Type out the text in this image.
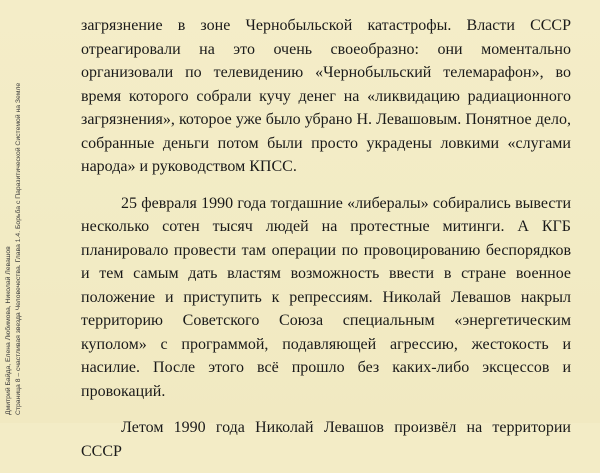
Дмитрий Байда, Елена Любимова, Николай Левашов Страница 8 – счастливая звезда Человечества. Глава 1.4. Борьба с Паразитической Системой на Земле

загрязнение в зоне Чернобыльской катастрофы. Власти СССР отреагировали на это очень своеобразно: они моментально организовали по телевидению «Чернобыльский телемарафон», во время которого собрали кучу денег на «ликвидацию радиационного загрязнения», которое уже было убрано Н. Левашовым. Понятное дело, собранные деньги потом были просто украдены ловкими «слугами народа» и руководством КПСС.

25 февраля 1990 года тогдашние «либералы» собирались вывести несколько сотен тысяч людей на протестные митинги. А КГБ планировало провести там операции по провоцированию беспорядков и тем самым дать властям возможность ввести в стране военное положение и приступить к репрессиям. Николай Левашов накрыл территорию Советского Союза специальным «энергетическим куполом» с программой, подавляющей агрессию, жестокость и насилие. После этого всё прошло без каких-либо эксцессов и провокаций.

Летом 1990 года Николай Левашов произвёл на территории СССР
